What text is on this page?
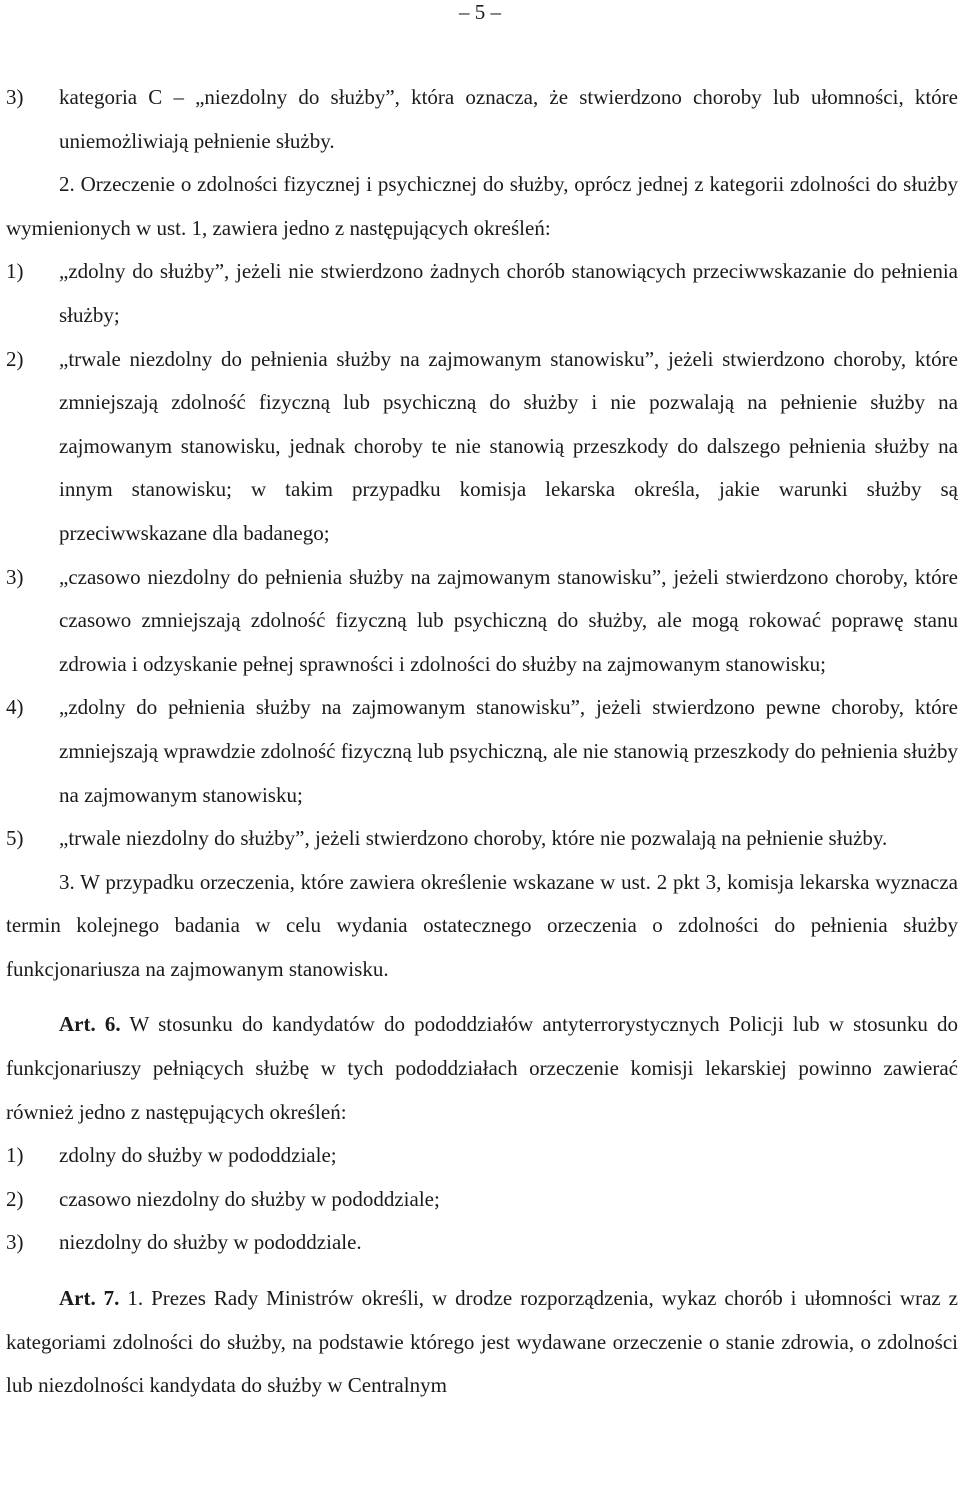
– 5 –
3) kategoria C – „niezdolny do służby”, która oznacza, że stwierdzono choroby lub ułomności, które uniemożliwiają pełnienie służby.
2. Orzeczenie o zdolności fizycznej i psychicznej do służby, oprócz jednej z kategorii zdolności do służby wymienionych w ust. 1, zawiera jedno z następujących określeń:
1) „zdolny do służby”, jeżeli nie stwierdzono żadnych chorób stanowiących przeciwwskazanie do pełnienia służby;
2) „trwale niezdolny do pełnienia służby na zajmowanym stanowisku”, jeżeli stwierdzono choroby, które zmniejszają zdolność fizyczną lub psychiczną do służby i nie pozwalają na pełnienie służby na zajmowanym stanowisku, jednak choroby te nie stanowią przeszkody do dalszego pełnienia służby na innym stanowisku; w takim przypadku komisja lekarska określa, jakie warunki służby są przeciwwskazane dla badanego;
3) „czasowo niezdolny do pełnienia służby na zajmowanym stanowisku”, jeżeli stwierdzono choroby, które czasowo zmniejszają zdolność fizyczną lub psychiczną do służby, ale mogą rokować poprawę stanu zdrowia i odzyskanie pełnej sprawności i zdolności do służby na zajmowanym stanowisku;
4) „zdolny do pełnienia służby na zajmowanym stanowisku”, jeżeli stwierdzono pewne choroby, które zmniejszają wprawdzie zdolność fizyczną lub psychiczną, ale nie stanowią przeszkody do pełnienia służby na zajmowanym stanowisku;
5) „trwale niezdolny do służby”, jeżeli stwierdzono choroby, które nie pozwalają na pełnienie służby.
3. W przypadku orzeczenia, które zawiera określenie wskazane w ust. 2 pkt 3, komisja lekarska wyznacza termin kolejnego badania w celu wydania ostatecznego orzeczenia o zdolności do pełnienia służby funkcjonariusza na zajmowanym stanowisku.
Art. 6. W stosunku do kandydatów do pododdziałów antyterrorystycznych Policji lub w stosunku do funkcjonariuszy pełniących służbę w tych pododdziałach orzeczenie komisji lekarskiej powinno zawierać również jedno z następujących określeń:
1) zdolny do służby w pododdziale;
2) czasowo niezdolny do służby w pododdziale;
3) niezdolny do służby w pododdziale.
Art. 7. 1. Prezes Rady Ministrów określi, w drodze rozporządzenia, wykaz chorób i ułomności wraz z kategoriami zdolności do służby, na podstawie którego jest wydawane orzeczenie o stanie zdrowia, o zdolności lub niezdolności kandydata do służby w Centralnym
